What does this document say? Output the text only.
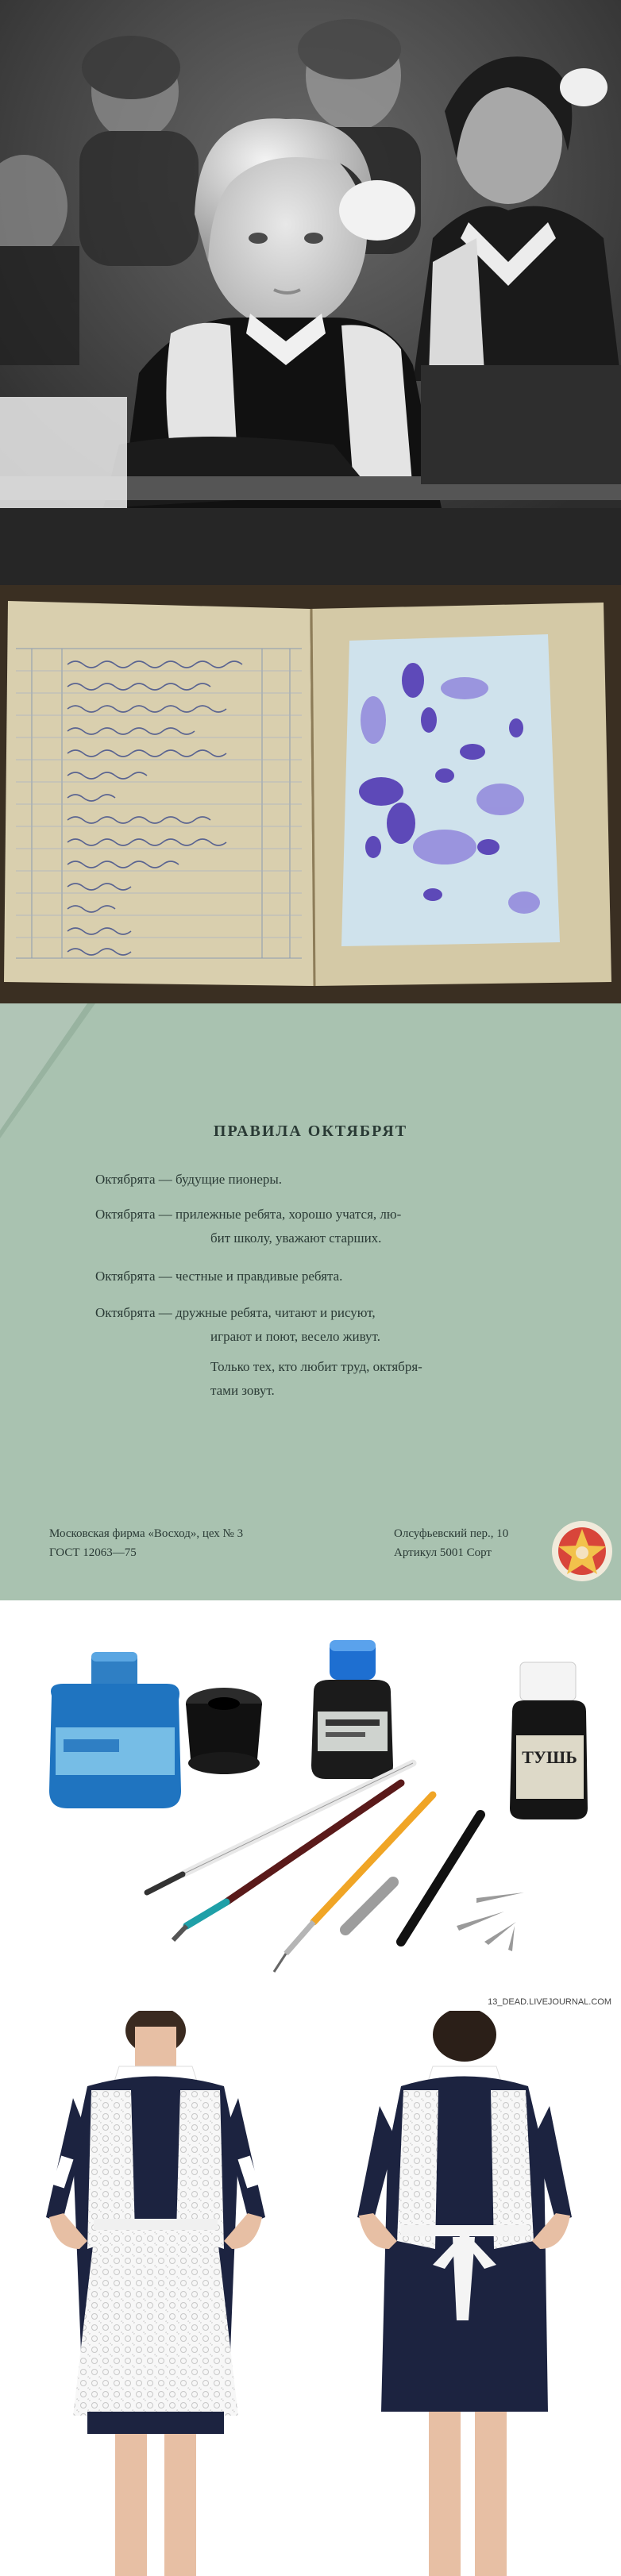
ПРАВИЛА ОКТЯБРЯТ
Октябрята — будущие пионеры.
Октябрята — прилежные ребята, хорошо учатся, лю-
бит школу, уважают старших.
Октябрята — честные и правдивые ребята.
Октябрята — дружные ребята, читают и рисуют,
играют и поют, весело живут.
Только тех, кто любит труд, октября-
тами зовут.
Московская фирма «Восход», цех № 3
ГОСТ 12063—75
Олсуфьевский пер., 10
Артикул 5001 Сорт
ТУШЬ
13_DEAD.LIVEJOURNAL.COM
